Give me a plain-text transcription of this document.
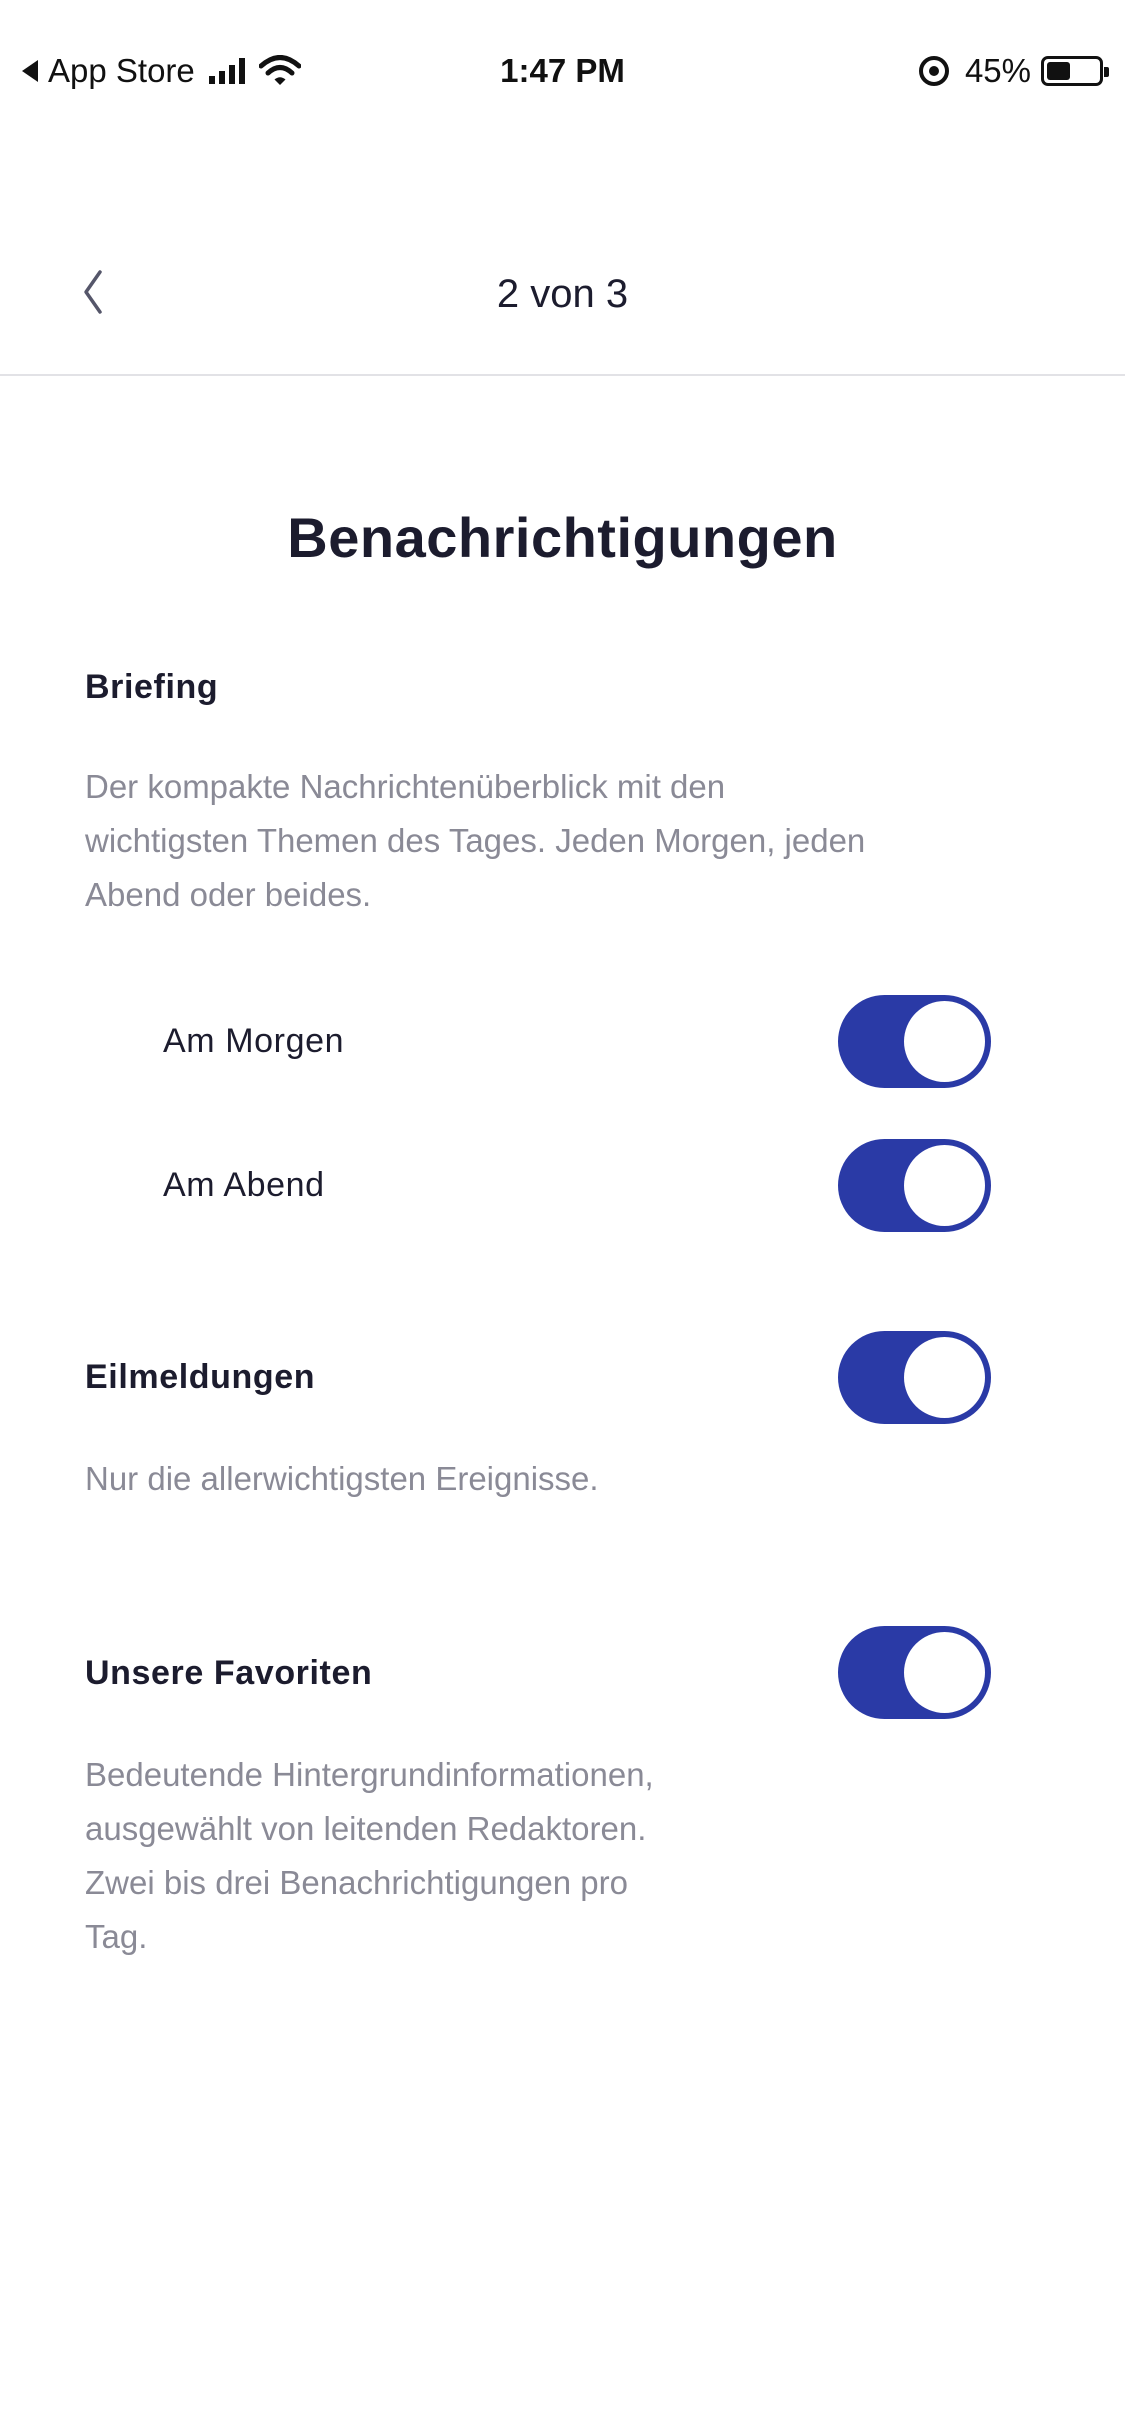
App Store	1:47 PM	45%
2 von 3
Benachrichtigungen
Briefing
Der kompakte Nachrichtenüberblick mit den
wichtigsten Themen des Tages. Jeden Morgen, jeden
Abend oder beides.
Am Morgen
Am Abend
Eilmeldungen
Nur die allerwichtigsten Ereignisse.
Unsere Favoriten
Bedeutende Hintergrundinformationen,
ausgewählt von leitenden Redaktoren.
Zwei bis drei Benachrichtigungen pro
Tag.
